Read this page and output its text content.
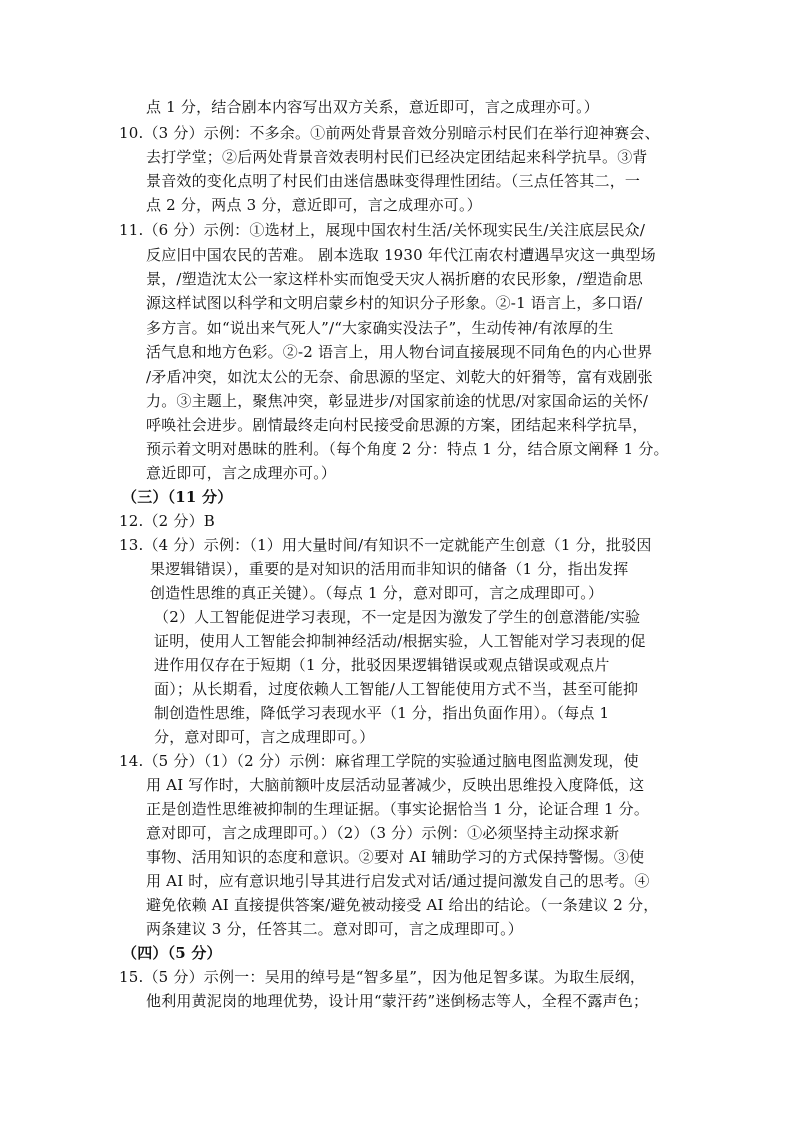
点 1 分，结合剧本内容写出双方关系，意近即可，言之成理亦可。）
10.（3 分）示例：不多余。①前两处背景音效分别暗示村民们在举行迎神赛会、
去打学堂；②后两处背景音效表明村民们已经决定团结起来科学抗旱。③背
景音效的变化点明了村民们由迷信愚昧变得理性团结。（三点任答其二，一
点 2 分，两点 3 分，意近即可，言之成理亦可。）
11.（6 分）示例：①选材上，展现中国农村生活/关怀现实民生/关注底层民众/
反应旧中国农民的苦难。 剧本选取 1930 年代江南农村遭遇旱灾这一典型场
景，/塑造沈太公一家这样朴实而饱受天灾人祸折磨的农民形象，/塑造俞思
源这样试图以科学和文明启蒙乡村的知识分子形象。②-1 语言上，多口语/
多方言。如“说出来气死人”/“大家确实没法子”，生动传神/有浓厚的生
活气息和地方色彩。②-2 语言上，用人物台词直接展现不同角色的内心世界
/矛盾冲突，如沈太公的无奈、俞思源的坚定、刘乾大的奸猾等，富有戏剧张
力。③主题上，聚焦冲突，彰显进步/对国家前途的忧思/对家国命运的关怀/
呼唤社会进步。剧情最终走向村民接受俞思源的方案，团结起来科学抗旱，
预示着文明对愚昧的胜利。（每个角度 2 分：特点 1 分，结合原文阐释 1 分。
意近即可，言之成理亦可。）
（三）（11 分）
12.（2 分）B
13.（4 分）示例：（1）用大量时间/有知识不一定就能产生创意（1 分，批驳因
果逻辑错误），重要的是对知识的活用而非知识的储备（1 分，指出发挥
创造性思维的真正关键）。（每点 1 分，意对即可，言之成理即可。）
（2）人工智能促进学习表现，不一定是因为激发了学生的创意潜能/实验
证明，使用人工智能会抑制神经活动/根据实验，人工智能对学习表现的促
进作用仅存在于短期（1 分，批驳因果逻辑错误或观点错误或观点片
面）；从长期看，过度依赖人工智能/人工智能使用方式不当，甚至可能抑
制创造性思维，降低学习表现水平（1 分，指出负面作用）。（每点 1
分，意对即可，言之成理即可。）
14.（5 分）（1）（2 分）示例：麻省理工学院的实验通过脑电图监测发现，使
用 AI 写作时，大脑前额叶皮层活动显著减少，反映出思维投入度降低，这
正是创造性思维被抑制的生理证据。（事实论据恰当 1 分，论证合理 1 分。
意对即可，言之成理即可。）（2）（3 分）示例：①必须坚持主动探求新
事物、活用知识的态度和意识。②要对 AI 辅助学习的方式保持警惕。③使
用 AI 时，应有意识地引导其进行启发式对话/通过提问激发自己的思考。④
避免依赖 AI 直接提供答案/避免被动接受 AI 给出的结论。（一条建议 2 分，
两条建议 3 分，任答其二。意对即可，言之成理即可。）
（四）（5 分）
15.（5 分）示例一：吴用的绰号是“智多星”，因为他足智多谋。为取生辰纲，
他利用黄泥岗的地理优势，设计用“蒙汗药”迷倒杨志等人，全程不露声色；
